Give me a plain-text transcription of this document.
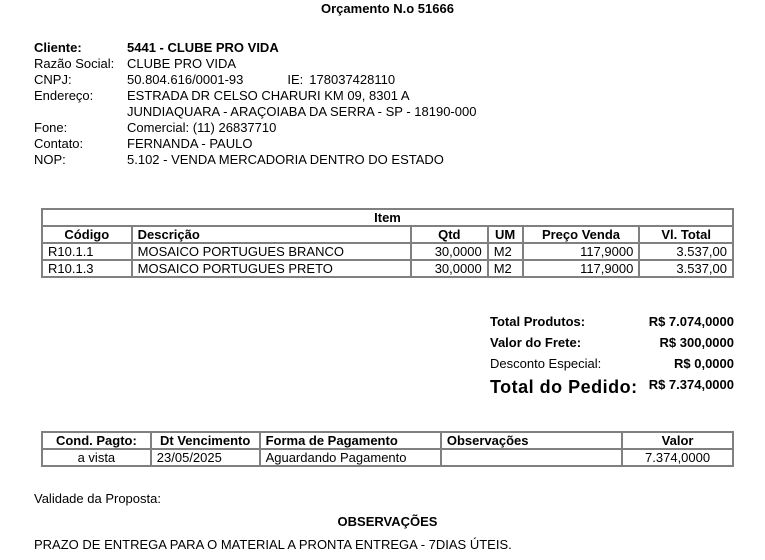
Orçamento N.o 51666
Cliente:	5441 - CLUBE PRO VIDA
Razão Social: CLUBE PRO VIDA
CNPJ:	50.804.616/0001-93	IE: 178037428110
Endereço:	ESTRADA DR CELSO CHARURI KM 09, 8301 A
JUNDIAQUARA - ARAÇOIABA DA SERRA - SP - 18190-000
Fone:	Comercial: (11) 26837710
Contato:	FERNANDA - PAULO
NOP:	5.102 - VENDA MERCADORIA DENTRO DO ESTADO
Item					
Código	Descrição	Qtd	UM	Preço Venda	Vl. Total
R10.1.1	MOSAICO PORTUGUES BRANCO	30,0000	M2	117,9000	3.537,00
R10.1.3	MOSAICO PORTUGUES PRETO	30,0000	M2	117,9000	3.537,00
Total Produtos:	R$ 7.074,0000
Valor do Frete:	R$ 300,0000
Desconto Especial:	R$ 0,0000
Total do Pedido: R$ 7.374,0000
Cond. Pagto:	Dt Vencimento	Forma de Pagamento	Observações	Valor
a vista	23/05/2025	Aguardando Pagamento		7.374,0000
Validade da Proposta:
OBSERVAÇÕES
PRAZO DE ENTREGA PARA O MATERIAL A PRONTA ENTREGA - 7DIAS ÚTEIS.
